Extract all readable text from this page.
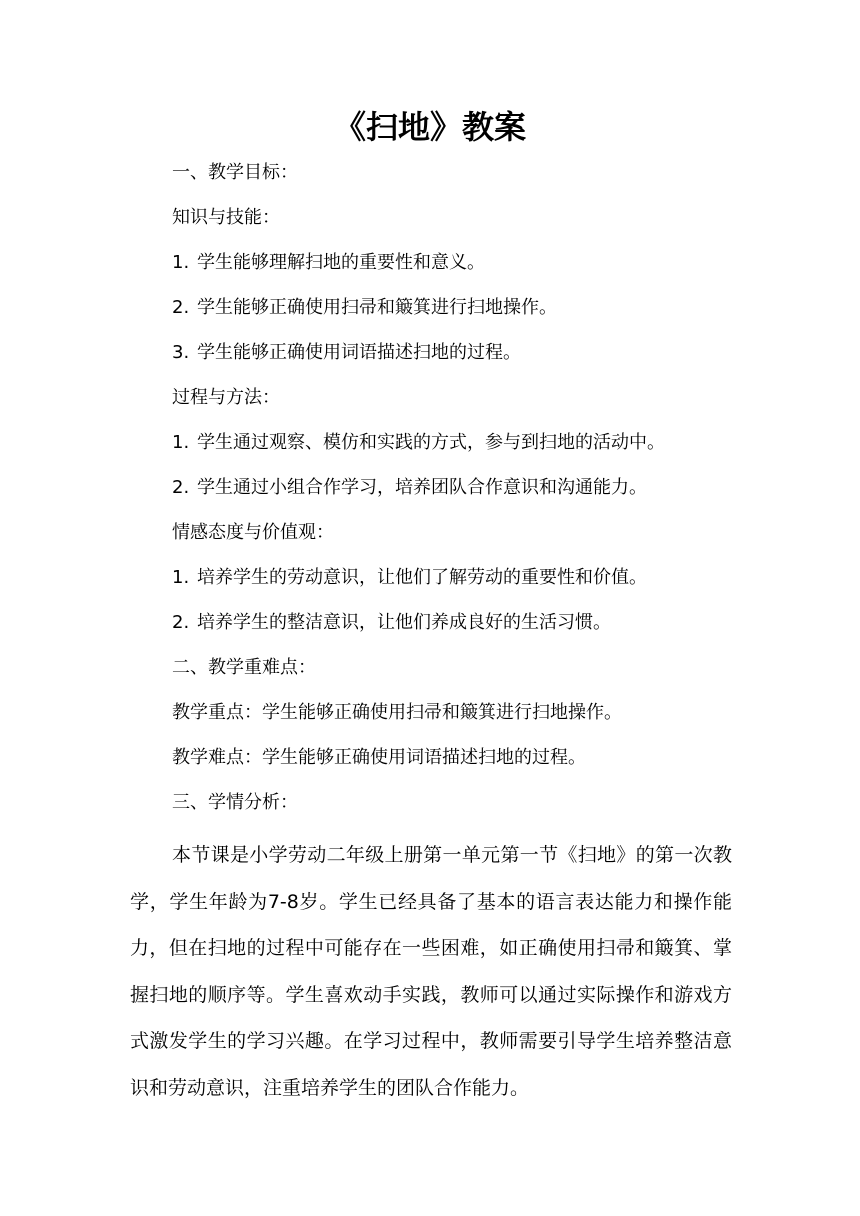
《扫地》教案
一、教学目标：
知识与技能：
1. 学生能够理解扫地的重要性和意义。
2. 学生能够正确使用扫帚和簸箕进行扫地操作。
3. 学生能够正确使用词语描述扫地的过程。
过程与方法：
1. 学生通过观察、模仿和实践的方式，参与到扫地的活动中。
2. 学生通过小组合作学习，培养团队合作意识和沟通能力。
情感态度与价值观：
1. 培养学生的劳动意识，让他们了解劳动的重要性和价值。
2. 培养学生的整洁意识，让他们养成良好的生活习惯。
二、教学重难点：
教学重点：学生能够正确使用扫帚和簸箕进行扫地操作。
教学难点：学生能够正确使用词语描述扫地的过程。
三、学情分析：
本节课是小学劳动二年级上册第一单元第一节《扫地》的第一次教学，学生年龄为7-8岁。学生已经具备了基本的语言表达能力和操作能力，但在扫地的过程中可能存在一些困难，如正确使用扫帚和簸箕、掌握扫地的顺序等。学生喜欢动手实践，教师可以通过实际操作和游戏方式激发学生的学习兴趣。在学习过程中，教师需要引导学生培养整洁意识和劳动意识，注重培养学生的团队合作能力。
